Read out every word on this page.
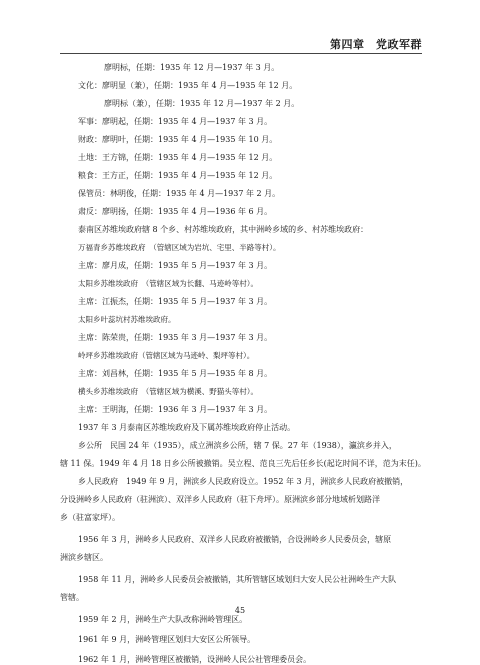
第四章　党政军群
廖明标，任期：1935 年 12 月—1937 年 3 月。
文化：廖明显（兼），任期：1935 年 4 月—1935 年 12 月。
廖明标（兼），任期：1935 年 12 月—1937 年 2 月。
军事：廖明起，任期：1935 年 4 月—1937 年 3 月。
财政：廖明叶，任期：1935 年 4 月—1935 年 10 月。
土地：王方锦，任期：1935 年 4 月—1935 年 12 月。
粮食：王方正，任期：1935 年 4 月—1935 年 12 月。
保管员：林明俊，任期：1935 年 4 月—1937 年 2 月。
肃反：廖明扬，任期：1935 年 4 月—1936 年 6 月。
泰南区苏维埃政府辖 8 个乡、村苏维埃政府，其中洲岭乡域的乡、村苏维埃政府：
万福青乡苏维埃政府　（管辖区域为岩坑、宅里、半路等村）。
主席：廖月成，任期：1935 年 5 月—1937 年 3 月。
太阳乡苏维埃政府　（管辖区域为长翻、马迹岭等村）。
主席：江振杰，任期：1935 年 5 月—1937 年 3 月。
太阳乡叶蕊坑村苏维埃政府。
主席：陈荣贵，任期：1935 年 3 月—1937 年 3 月。
岭坪乡苏维埃政府（管辖区域为马迹岭、梨坪等村）。
主席：刘昌林，任期：1935 年 5 月—1935 年 8 月。
横头乡苏维埃政府　（管辖区域为横溪、野猫头等村）。
主席：王明海，任期：1936 年 3 月—1937 年 3 月。
1937 年 3 月泰南区苏维埃政府及下属苏维埃政府停止活动。
乡公所　民国 24 年（1935），成立洲滨乡公所，辖 7 保。27 年（1938），瀛滨乡并入，
辖 11 保。1949 年 4 月 18 日乡公所被撤销。吴立程、范良三先后任乡长(起讫时间不详，范为末任)。
乡人民政府　1949 年 9 月，洲滨乡人民政府设立。1952 年 3 月，洲滨乡人民政府被撤销，
分设洲岭乡人民政府（驻洲滨）、双洋乡人民政府（驻下舟坪）。原洲滨乡部分地域析划路洋
乡（驻富家坪）。
1956 年 3 月，洲岭乡人民政府、双洋乡人民政府被撤销，合设洲岭乡人民委员会，辖原
洲滨乡辖区。
1958 年 11 月，洲岭乡人民委员会被撤销，其所管辖区域划归大安人民公社洲岭生产大队
管辖。
1959 年 2 月，洲岭生产大队改称洲岭管理区。
1961 年 9 月，洲岭管理区划归大安区公所领导。
1962 年 1 月，洲岭管理区被撤销，设洲岭人民公社管理委员会。
45
